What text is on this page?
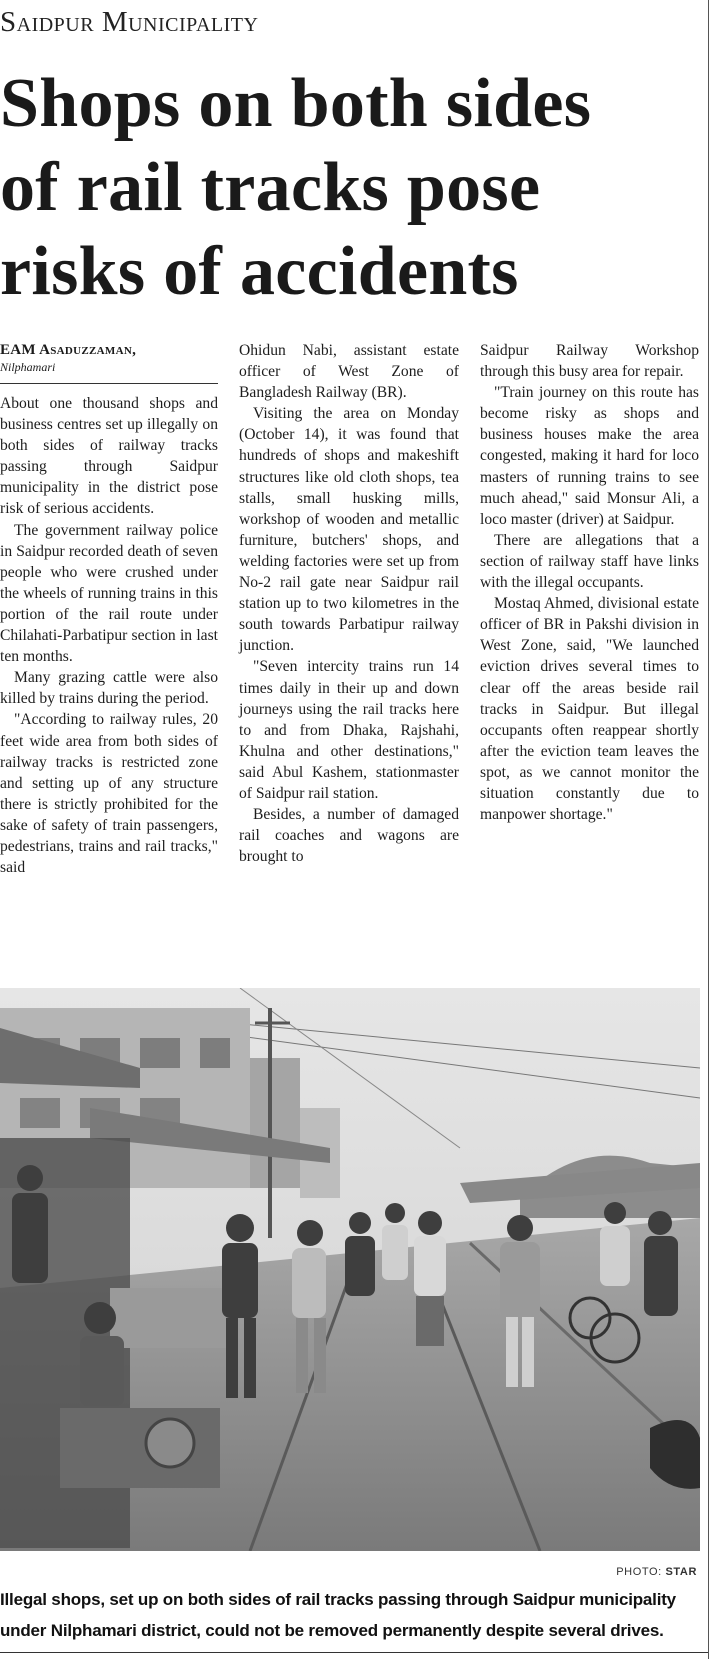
Saidpur Municipality
Shops on both sides
of rail tracks pose
risks of accidents
EAM Asaduzzaman,
Nilphamari

About one thousand shops and business centres set up illegally on both sides of railway tracks passing through Saidpur municipality in the district pose risk of serious accidents.

The government railway police in Saidpur recorded death of seven people who were crushed under the wheels of running trains in this portion of the rail route under Chilahati-Parbatipur section in last ten months.

Many grazing cattle were also killed by trains during the period.

"According to railway rules, 20 feet wide area from both sides of railway tracks is restricted zone and setting up of any structure there is strictly prohibited for the sake of safety of train passengers, pedestrians, trains and rail tracks," said

Ohidun Nabi, assistant estate officer of West Zone of Bangladesh Railway (BR).

Visiting the area on Monday (October 14), it was found that hundreds of shops and makeshift structures like old cloth shops, tea stalls, small husking mills, workshop of wooden and metallic furniture, butchers' shops, and welding factories were set up from No-2 rail gate near Saidpur rail station up to two kilometres in the south towards Parbatipur railway junction.

"Seven intercity trains run 14 times daily in their up and down journeys using the rail tracks here to and from Dhaka, Rajshahi, Khulna and other destinations," said Abul Kashem, stationmaster of Saidpur rail station.

Besides, a number of damaged rail coaches and wagons are brought to

Saidpur Railway Workshop through this busy area for repair.

"Train journey on this route has become risky as shops and business houses make the area congested, making it hard for loco masters of running trains to see much ahead," said Monsur Ali, a loco master (driver) at Saidpur.

There are allegations that a section of railway staff have links with the illegal occupants.

Mostaq Ahmed, divisional estate officer of BR in Pakshi division in West Zone, said, "We launched eviction drives several times to clear off the areas beside rail tracks in Saidpur. But illegal occupants often reappear shortly after the eviction team leaves the spot, as we cannot monitor the situation constantly due to manpower shortage."

PHOTO: STAR
Illegal shops, set up on both sides of rail tracks passing through Saidpur municipality
under Nilphamari district, could not be removed permanently despite several drives.
